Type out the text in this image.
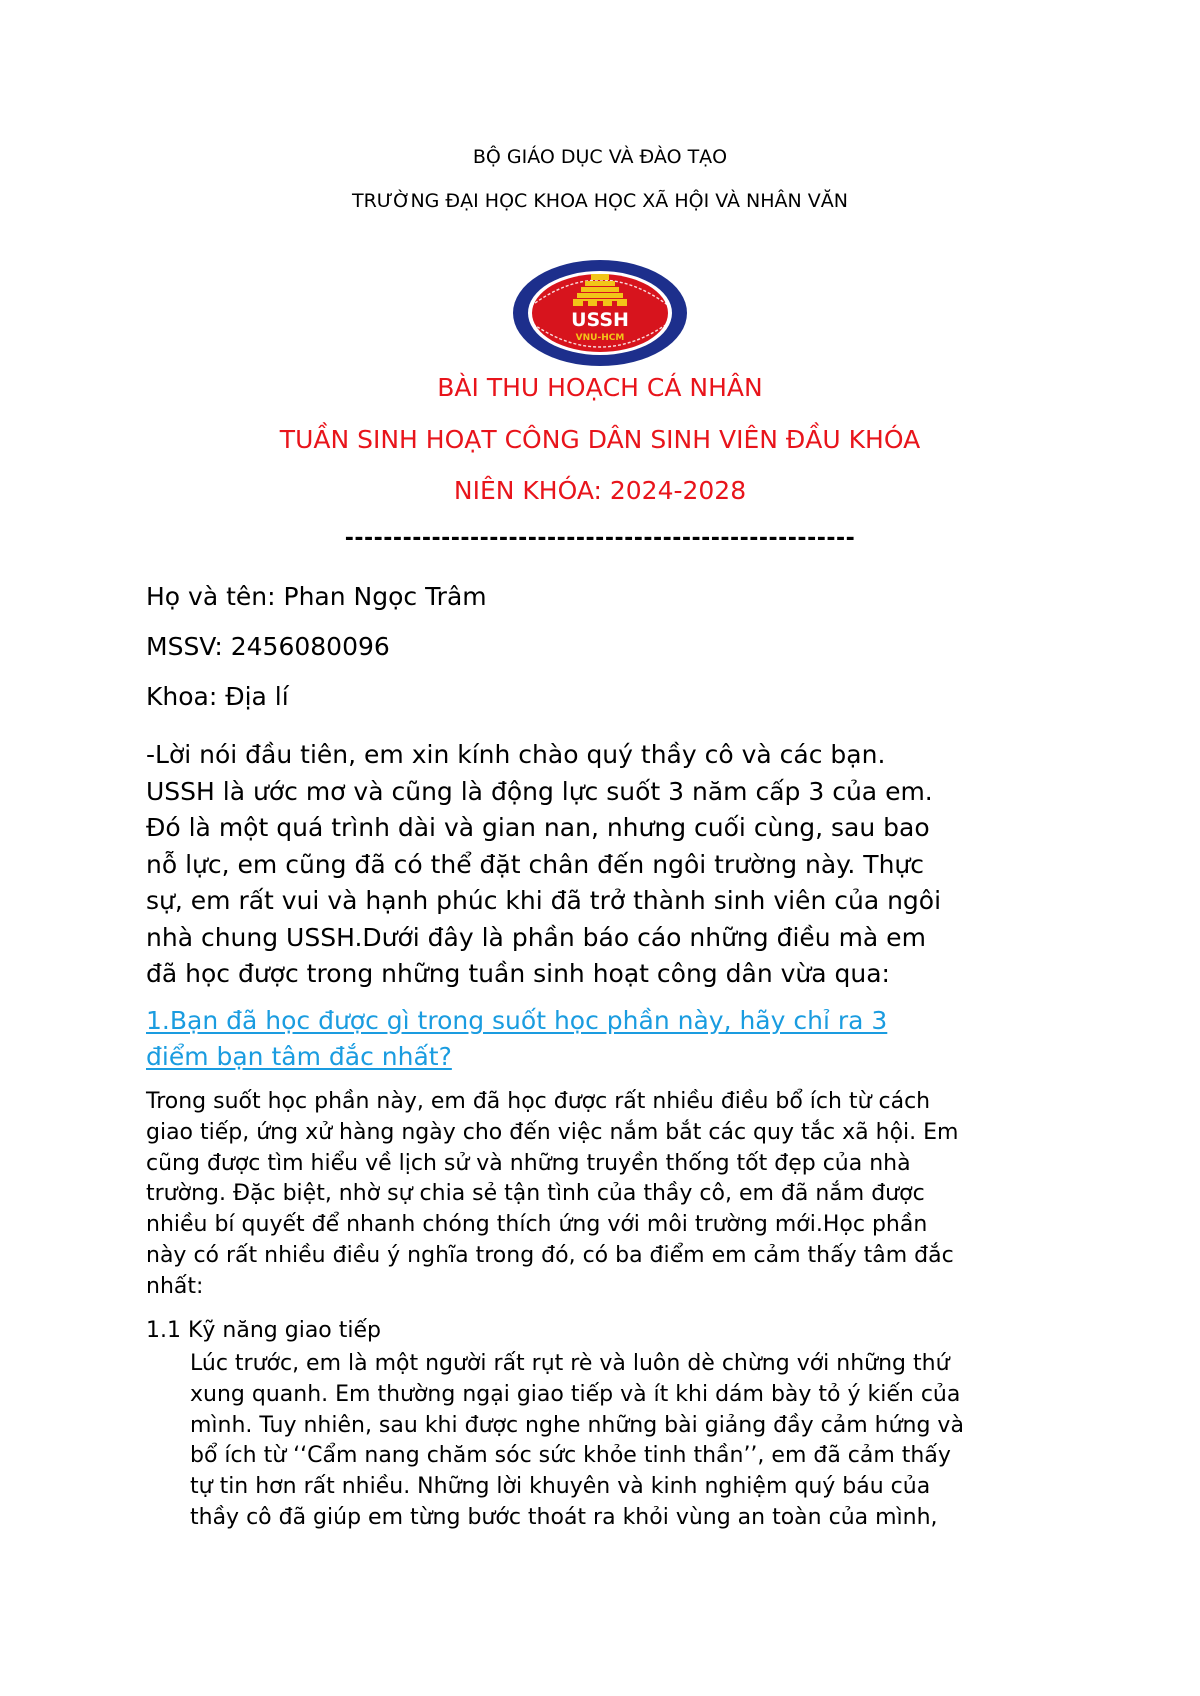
BỘ GIÁO DỤC VÀ ĐÀO TẠO
TRƯỜNG ĐẠI HỌC KHOA HỌC XÃ HỘI VÀ NHÂN VĂN
USSH
VNU-HCM
BÀI THU HOẠCH CÁ NHÂN
TUẦN SINH HOẠT CÔNG DÂN SINH VIÊN ĐẦU KHÓA
NIÊN KHÓA: 2024-2028
-----------------------------------------------------
Họ và tên: Phan Ngọc Trâm
MSSV: 2456080096
Khoa: Địa lí
-Lời nói đầu tiên, em xin kính chào quý thầy cô và các bạn.
USSH là ước mơ và cũng là động lực suốt 3 năm cấp 3 của em.
Đó là một quá trình dài và gian nan, nhưng cuối cùng, sau bao
nỗ lực, em cũng đã có thể đặt chân đến ngôi trường này. Thực
sự, em rất vui và hạnh phúc khi đã trở thành sinh viên của ngôi
nhà chung USSH.Dưới đây là phần báo cáo những điều mà em
đã học được trong những tuần sinh hoạt công dân vừa qua:
1.Bạn đã học được gì trong suốt học phần này, hãy chỉ ra 3
điểm bạn tâm đắc nhất?
Trong suốt học phần này, em đã học được rất nhiều điều bổ ích từ cách
giao tiếp, ứng xử hàng ngày cho đến việc nắm bắt các quy tắc xã hội. Em
cũng được tìm hiểu về lịch sử và những truyền thống tốt đẹp của nhà
trường. Đặc biệt, nhờ sự chia sẻ tận tình của thầy cô, em đã nắm được
nhiều bí quyết để nhanh chóng thích ứng với môi trường mới.Học phần
này có rất nhiều điều ý nghĩa trong đó, có ba điểm em cảm thấy tâm đắc
nhất:
1.1 Kỹ năng giao tiếp
Lúc trước, em là một người rất rụt rè và luôn dè chừng với những thứ
xung quanh. Em thường ngại giao tiếp và ít khi dám bày tỏ ý kiến của
mình. Tuy nhiên, sau khi được nghe những bài giảng đầy cảm hứng và
bổ ích từ ‘‘Cẩm nang chăm sóc sức khỏe tinh thần’’, em đã cảm thấy
tự tin hơn rất nhiều. Những lời khuyên và kinh nghiệm quý báu của
thầy cô đã giúp em từng bước thoát ra khỏi vùng an toàn của mình,
